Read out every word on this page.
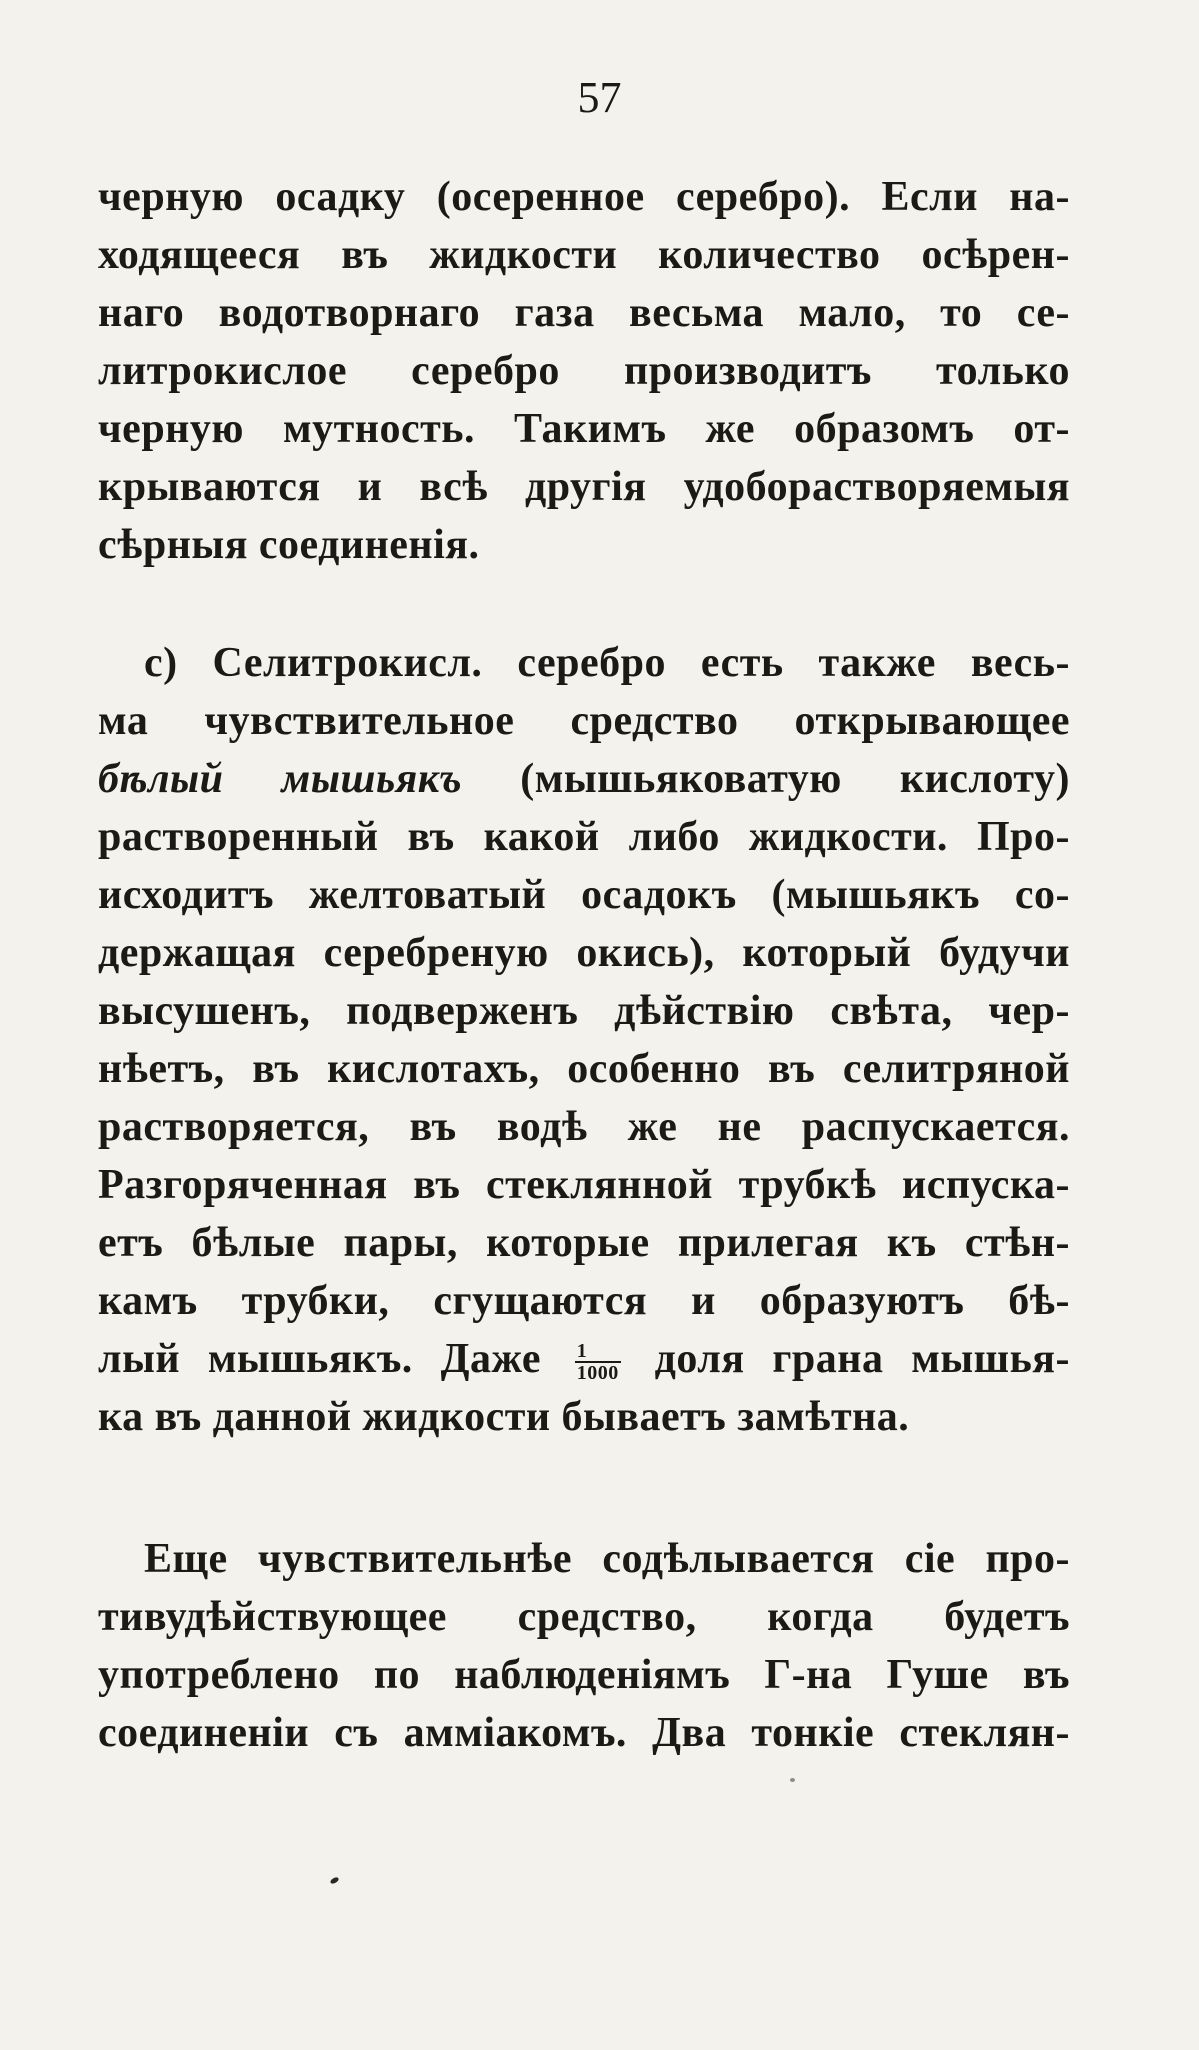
57
черную осадку (осеренное серебро). Если на-
ходящееся въ жидкости количество осѣрен-
наго водотворнаго газа весьма мало, то се-
литрокислое серебро производитъ только
черную мутность. Такимъ же образомъ от-
крываются и всѣ другія удоборастворяемыя
сѣрныя соединенія.
c) Селитрокисл. серебро есть также весь-
ма чувствительное средство открывающее
бѣлый мышьякъ (мышьяковатую кислоту)
растворенный въ какой либо жидкости. Про-
исходитъ желтоватый осадокъ (мышьякъ со-
держащая серебреную окись), который будучи
высушенъ, подверженъ дѣйствію свѣта, чер-
нѣетъ, въ кислотахъ, особенно въ селитряной
растворяется, въ водѣ же не распускается.
Разгоряченная въ стеклянной трубкѣ испуска-
етъ бѣлые пары, которые прилегая къ стѣн-
камъ трубки, сгущаются и образуютъ бѣ-
лый мышьякъ. Даже $\frac{1}{1000}$ доля грана мышья-
ка въ данной жидкости бываетъ замѣтна.
Еще чувствительнѣе содѣлывается сіе про-
тивудѣйствующее средство, когда будетъ
употреблено по наблюденіямъ Г-на Гуше въ
соединеніи съ аммiакомъ. Два тонкіе стеклян-
